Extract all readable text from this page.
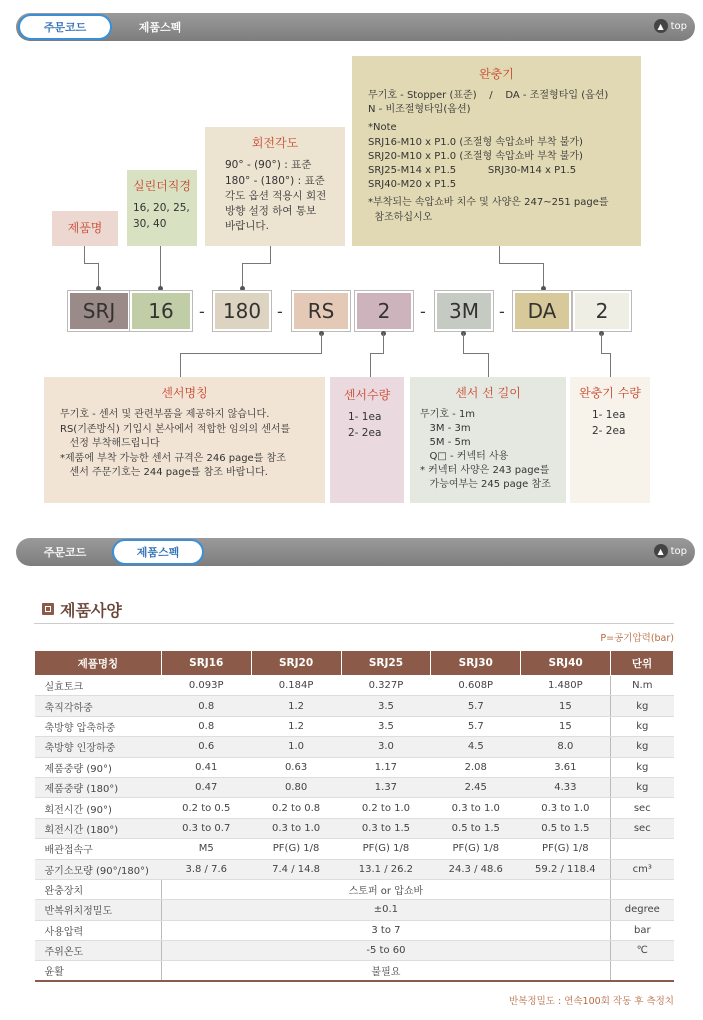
주문코드	제품스펙	▲ top
제품명
실린더직경
16, 20, 25,
30, 40
회전각도
90° - (90°) : 표준
180° - (180°) : 표준
각도 옵션 적용시 회전
방향 설정 하여 통보
바랍니다.
완충기
무기호 - Stopper (표준)    /    DA - 조절형타입 (옵션)
N - 비조절형타입(옵션)
*Note
SRJ16-M10 x P1.0 (조절형 속압쇼바 부착 불가)
SRJ20-M10 x P1.0 (조절형 속압쇼바 부착 불가)
SRJ25-M14 x P1.5          SRJ30-M14 x P1.5
SRJ40-M20 x P1.5
*부착되는 속압쇼바 치수 및 사양은 247~251 page를
참조하십시오
SRJ	16	- 180 -	RS	2	-	3M	-	DA	2
센서명칭
무기호 - 센서 및 관련부품을 제공하지 않습니다.
RS(기존방식) 기입시 본사에서 적합한 임의의 센서를
선정 부착해드립니다
*제품에 부착 가능한 센서 규격은 246 page를 참조
센서 주문기호는 244 page를 참조 바랍니다.
센서수량
1- 1ea
2- 2ea
센서 선 길이
무기호 - 1m
3M - 3m
5M - 5m
Q□ - 커넥터 사용
* 커넥터 사양은 243 page를
가능여부는 245 page 참조
완충기 수량
1- 1ea
2- 2ea
주문코드	제품스펙	▲ top
제품사양
P=공기압력(bar)
제품명칭	SRJ16	SRJ20	SRJ25	SRJ30	SRJ40	단위
실효토크	0.093P	0.184P	0.327P	0.608P	1.480P	N.m
축직각하중	0.8	1.2	3.5	5.7	15	kg
축방향 압축하중	0.8	1.2	3.5	5.7	15	kg
축방향 인장하중	0.6	1.0	3.0	4.5	8.0	kg
제품중량 (90°)	0.41	0.63	1.17	2.08	3.61	kg
제품중량 (180°)	0.47	0.80	1.37	2.45	4.33	kg
회전시간 (90°)	0.2 to 0.5	0.2 to 0.8	0.2 to 1.0	0.3 to 1.0	0.3 to 1.0	sec
회전시간 (180°)	0.3 to 0.7	0.3 to 1.0	0.3 to 1.5	0.5 to 1.5	0.5 to 1.5	sec
배관접속구	M5	PF(G) 1/8	PF(G) 1/8	PF(G) 1/8	PF(G) 1/8	
공기소모량 (90°/180°)	3.8 / 7.6	7.4 / 14.8	13.1 / 26.2	24.3 / 48.6	59.2 / 118.4	cm³
완충장치	스토퍼 or 압쇼바					
반복위치정밀도	±0.1					degree
사용압력	3 to 7					bar
주위온도	-5 to 60					℃
윤활	불필요					
반복정밀도 : 연속100회 작동 후 측정치
